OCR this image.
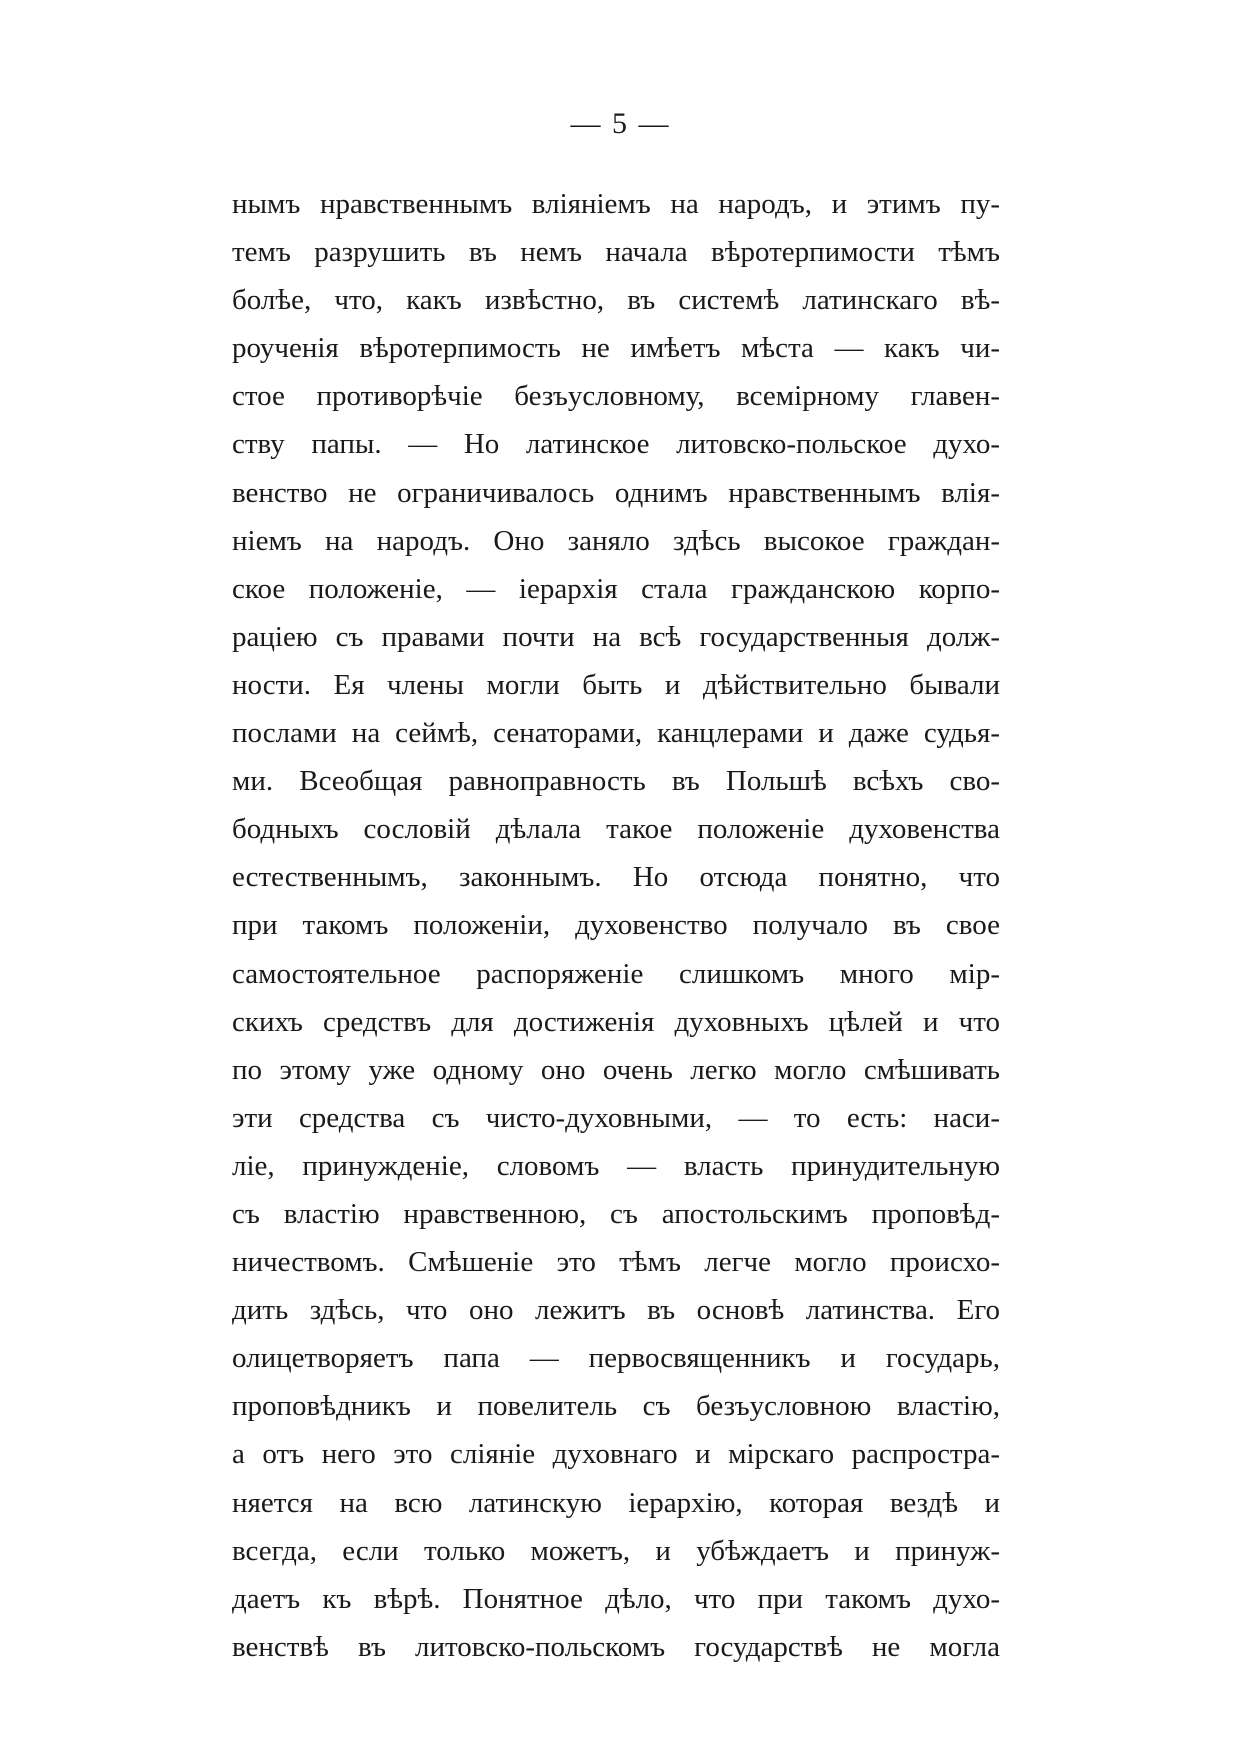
— 5 —
нымъ нравственнымъ вліяніемъ на народъ, и этимъ пу-
темъ разрушить въ немъ начала вѣротерпимости тѣмъ
болѣе, что, какъ извѣстно, въ системѣ латинскаго вѣ-
роученія вѣротерпимость не имѣетъ мѣста — какъ чи-
стое противорѣчіе безъусловному, всемірному главен-
ству папы. — Но латинское литовско-польское духо-
венство не ограничивалось однимъ нравственнымъ влія-
ніемъ на народъ. Оно заняло здѣсь высокое граждан-
ское положеніе, — іерархія стала гражданскою корпо-
раціею съ правами почти на всѣ государственныя долж-
ности. Ея члены могли быть и дѣйствительно бывали
послами на сеймѣ, сенаторами, канцлерами и даже судья-
ми. Всеобщая равноправность въ Польшѣ всѣхъ сво-
бодныхъ сословій дѣлала такое положеніе духовенства
естественнымъ, законнымъ. Но отсюда понятно, что
при такомъ положеніи, духовенство получало въ свое
самостоятельное распоряженіе слишкомъ много мір-
скихъ средствъ для достиженія духовныхъ цѣлей и что
по этому уже одному оно очень легко могло смѣшивать
эти средства съ чисто-духовными, — то есть: наси-
ліе, принужденіе, словомъ — власть принудительную
съ властію нравственною, съ апостольскимъ проповѣд-
ничествомъ. Смѣшеніе это тѣмъ легче могло происхо-
дить здѣсь, что оно лежитъ въ основѣ латинства. Его
олицетворяетъ папа — первосвященникъ и государь,
проповѣдникъ и повелитель съ безъусловною властію,
а отъ него это сліяніе духовнаго и мірскаго распростра-
няется на всю латинскую іерархію, которая вездѣ и
всегда, если только можетъ, и убѣждаетъ и принуж-
даетъ къ вѣрѣ. Понятное дѣло, что при такомъ духо-
венствѣ въ литовско-польскомъ государствѣ не могла
